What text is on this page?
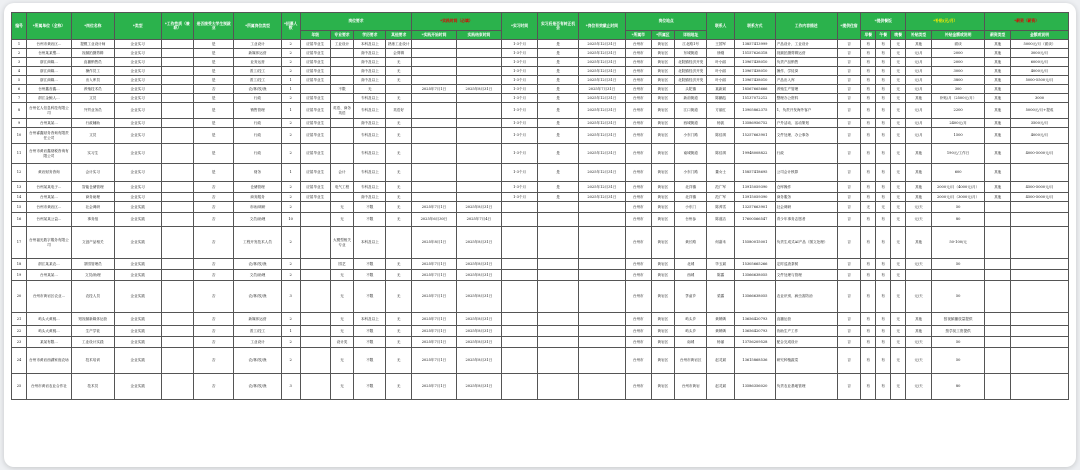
编号	*所属单位（全称）	*岗位名称	*类型	*工作性质（兼职）	是否接受大学生预就业	*所属岗位类型	*招募人数	岗位要求				*实践时间（必填）		*实习时间	实习后是否有转正机会	*岗位有效截止时间	岗位地点			联系人	联系方式	工作内容描述	*提供住宿	*提供餐饭			*补贴(元/月）		*薪资（薪资）	
								年级	专业要求	学历要求	其他要求	*实践开始时间	实践结束时间				*所属市	*所属区	详细地址					早餐	午餐	晚餐	补贴类型	补贴金额或说明	薪资类型	金额或说明
1	台州市黄岩区...	提模工业设计师	企业实习		是	工业设计	2	应届毕业生	工业设计	本科及以上	熟练工业设计			1-3个月	是	2025年12月31日	台州市	黄岩区	江北路1号	王国军	13857413999	产品设计、工业设计	否	有	有	无	其他	面谈	其他	5000元/月（面谈）
2	台州某某塑...	视频拍摄剪辑	企业实习		是	新媒体运营	2	应届毕业生		高中及以上	会剪辑			1-3个月	是	2025年12月31日	台州市	黄岩区	东城街道	徐刚	15157626318	视频拍摄剪辑运营	否	有	有	无	元/月	2000	其他	3000元/月
3	浙江商媒...	直播销售员	企业实习		是	业务运营	2	应届毕业生		高中及以上	无			1-3个月	是	2025年12月31日	台州市	黄岩区	北院镇经济开发	叶小丽	13967438010	负责产品销售	否	有	有	无	元/月	2000	其他	6000元/月
4	浙江商媒...	操作员工	企业实习		是	普工/技工	2	应届毕业生		高中及以上	无			1-3个月	是	2025年12月31日	台州市	黄岩区	北院镇经济开发	叶小丽	13967438010	操作、学徒岗	否	有	有	无	元/月	3000	其他	4000元/月
5	浙江商媒...	出入库员	企业实习		是	普工/技工	1	应届毕业生		高中及以上	无			1-3个月	是	2025年12月31日	台州市	黄岩区	北院镇经济开发	叶小丽	13967438010	产品出入库	否	有	有	无	元/月	3800	其他	5000-5500元/月
6	台州鑫音鑫...	养殖技术员	企业实习		否	农/林/牧/渔	1		不限	无		2025年7月1日	2025年8月31日	1-3个月	是	2025年7月31日	台州市	黄岩区	头陀镇	莫新斌	18567665666	养殖生产管理	否	有	有	无	元/月	300	其他	
7	浙江金鲸人...	文员	企业实习		是	行政	2	应届毕业生		专科及以上	无			1-3个月	是	2025年12月31日	台州市	黄岩区	新前街道	陈鹏彪	15137072212	整理办公资料	否	有	有	无	其他	补贴/月（2500元/月）	其他	3000
8	台州亿人信息科技有限公司	外贸业务员	企业实习		是	销售管理	1	应届毕业生	英语、商务英语	专科及以上	英语好			1-3个月	是	2025年12月31日	台州市	黄岩区	江口街道	方丽红	13905862375	1、负责开发海外客户	否	有	有	无	元/月	2200	其他	5000元/月+提成
9	台州某某...	行政辅助	企业实习		是	行政	2	应届毕业生		高中及以上	无			1-3个月	是	2025年12月31日	台州市	黄岩区	西城街道	杨凯	13586956752	户外活动、活动策划	否	有	有	无	元/月	2400元/月	其他	3500元/月
10	台州睿鑫财务咨询有限责任公司	文员	企业实习		是	行政	2	应届毕业生		专科及以上	无			1-3个月	是	2025年12月31日	台州市	黄岩区	小东门路	陈佳琪	15257663901	文件处理、办公事务	否	有	有	无	元/月	1500	其他	4000元/月
11	台州市黄岩鑫财税咨询有限公司	实习生	企业实习		是	行政	2	应届毕业生		专科及以上	无			1-3个月	是	2025年12月31日	台州市	黄岩区	南城街道	陈佳琪	19948008822	行政	否	有	有	无	其他	190元/工作日	其他	4000-5000元/月
12	黄岩财务咨询	会计实习	企业实习		是	财务	1	应届毕业生	会计	专科及以上	无			1-3个月	是	2025年12月31日	台州市	黄岩区	小东门路	董女士	15857418695	公司会计核算	否	有	有	无	其他	600	其他	
13	台州某某电子...	智能仓储管理	企业实习		否	仓储管理	2	应届毕业生	电气工程	专科及以上	无			1-3个月	是	2025年12月31日	台州市	黄岩区	北洋镇	范广军	13915059390	仓库操作	否	有	有	无	其他	2000元/月（4000元/月）	其他	4500-5000元/月
14	台州某某...	商务助理	企业实习		否	商务服务	2	应届毕业生		高中及以上	无			1-3个月	是	2025年12月31日	台州市	黄岩区	北洋镇	范广军	13915059390	商务服务	否	有	有	无	其他	2000元/月（3000元/月）	其他	4500-5000元/月
15	台州市黄岩区...	社会调研	企业实践		否	市场/调研	2		无	不限	无	2025年7月1日	2025年8月31日				台州市	黄岩区	小东门	陈养雪	13257663901	社会调研	否	无	无	无	元/天	50		
16	台州某某公益...	事务组	企业实践		否	文员/助理	10		无	不限	无	2025年6月30日	2025年7月4日				台州市	黄岩区	台州参	陈道洁	17600566547	青少年事务志愿者	否	有	有	无	元/天	80		
17	台州福光数字服务有限公司	文创产品相关	企业实践		否	工程开发技术人员	2		大模型相关专业	本科及以上		2025年8月1日	2025年8月31日				台州市	黄岩区	黄长路	何嘉禾	15580015001	负责生成式AI产品（图文处理）	否	有	有	无	其他	50-100/元		
18	浙江某某农...	茶园管理员	企业实践		否	农/林/牧/渔	2		园艺	不限	无	2025年7月1日	2025年8月31日				台州市	黄岩区	北城	毕玉斌	15305665266	定时巡查茶树	否	有	有	无	元/天	50		
19	台州某某...	文员/助理	企业实践		否	文员/助理	2		无	不限	无	2025年7月1日	2025年8月31日				台州市	黄岩区	西城	陈露	13566638055	文件处理与管理	否	有	有	无				
20	台州市黄岩区农业...	农技人员	企业实践		否	农/林/牧/渔	3		无	不限	无	2025年7月1日	2025年8月31日				台州市	黄岩区	茅畲乡	梁露	13566638055	农业识别、病虫害防治	否	有	有	无	元/天	50		
21	屿头大黄桃...	短视频新媒体运营	企业实践		否	新媒体运营	2		无	本科及以上	无	2025年7月1日	2025年8月31日				台州市	黄岩区	屿头乡	黄嫣嫣	13656420793	直播运营	否	有	有	无	其他	按视频播放量提供		
22	屿头大黄桃...	生产学徒	企业实践		否	普工/技工	1		无	不限	无	2025年7月1日	2025年8月31日				台州市	黄岩区	屿头乡	黄嫣嫣	13656420793	协助生产工作	否	有	有	无	其他	按学徒工资提供		
23	某某有限...	工业设计实践	企业实践		否	工业设计	2		设计类	不限	无	2025年7月1日	2025年8月31日				台州市	黄岩区	南城	杨丽	13756209528	配合完成设计	否	有	有	无	元/天	50		
24	台州市黄岩西湖家庭农场	技术培训	企业实践		否	农/林/牧/渔	2		无	不限	无	2025年7月1日	2025年8月31日				台州市	黄岩区	台州市黄岩区	赵灵斌	13615868536	研究种植蔬菜	否	有	有	无	元/天	50		
25	台州市黄岩农业合作社	技术员	企业实践		否	农/林/牧/渔	3		无	不限	无	2025年7月1日	2025年8月31日				台州市	黄岩区	台州市黄岩	赵灵斌	13586356020	负责农业基地管理	否	有	有	无	元/天	80		
